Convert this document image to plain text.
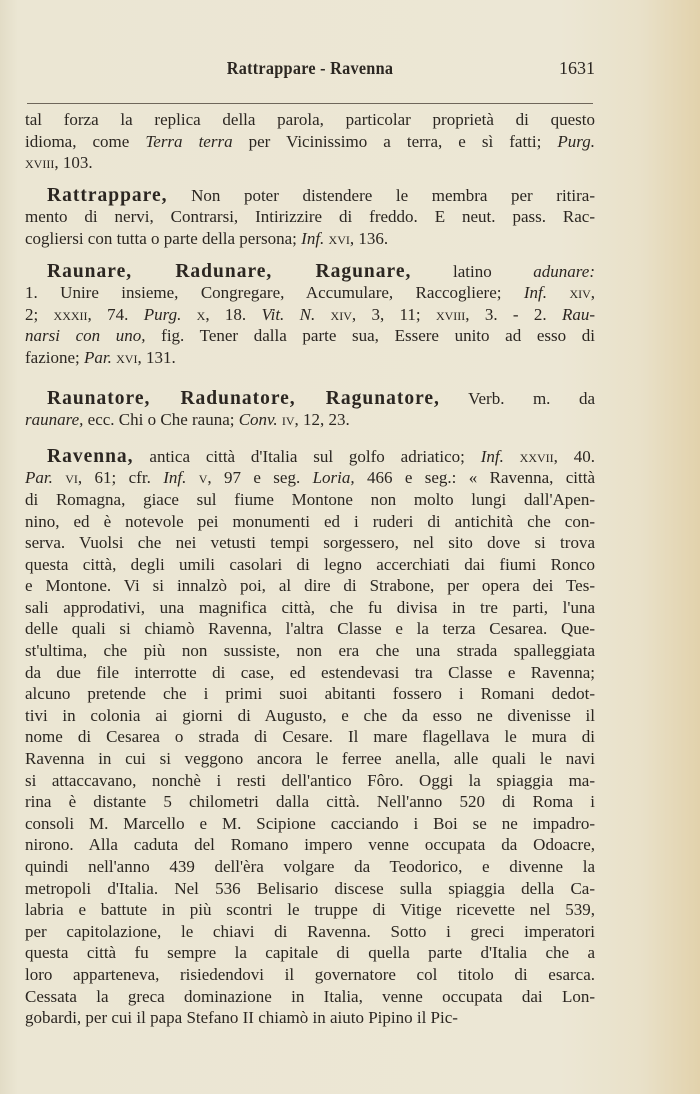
Rattrappare - Ravenna	1631
tal forza la replica della parola, particolar proprietà di questo
idioma, come Terra terra per Vicinissimo a terra, e sì fatti; Purg.
xviii, 103.
Rattrappare, Non poter distendere le membra per ritira-
mento di nervi, Contrarsi, Intirizzire di freddo. E neut. pass. Rac-
cogliersi con tutta o parte della persona; Inf. xvi, 136.
Raunare, Radunare, Ragunare, latino adunare:
1. Unire insieme, Congregare, Accumulare, Raccogliere; Inf. xiv,
2; xxxii, 74. Purg. x, 18. Vit. N. xiv, 3, 11; xviii, 3. - 2. Rau-
narsi con uno, fig. Tener dalla parte sua, Essere unito ad esso di
fazione; Par. xvi, 131.
Raunatore, Radunatore, Ragunatore, Verb. m. da
raunare, ecc. Chi o Che rauna; Conv. iv, 12, 23.
Ravenna, antica città d'Italia sul golfo adriatico; Inf. xxvii, 40.
Par. vi, 61; cfr. Inf. v, 97 e seg. Loria, 466 e seg.: « Ravenna, città
di Romagna, giace sul fiume Montone non molto lungi dall'Apen-
nino, ed è notevole pei monumenti ed i ruderi di antichità che con-
serva. Vuolsi che nei vetusti tempi sorgessero, nel sito dove si trova
questa città, degli umili casolari di legno accerchiati dai fiumi Ronco
e Montone. Vi si innalzò poi, al dire di Strabone, per opera dei Tes-
sali approdativi, una magnifica città, che fu divisa in tre parti, l'una
delle quali si chiamò Ravenna, l'altra Classe e la terza Cesarea. Que-
st'ultima, che più non sussiste, non era che una strada spalleggiata
da due file interrotte di case, ed estendevasi tra Classe e Ravenna;
alcuno pretende che i primi suoi abitanti fossero i Romani dedot-
tivi in colonia ai giorni di Augusto, e che da esso ne divenisse il
nome di Cesarea o strada di Cesare. Il mare flagellava le mura di
Ravenna in cui si veggono ancora le ferree anella, alle quali le navi
si attaccavano, nonchè i resti dell'antico Fôro. Oggi la spiaggia ma-
rina è distante 5 chilometri dalla città. Nell'anno 520 di Roma i
consoli M. Marcello e M. Scipione cacciando i Boi se ne impadro-
nirono. Alla caduta del Romano impero venne occupata da Odoacre,
quindi nell'anno 439 dell'èra volgare da Teodorico, e divenne la
metropoli d'Italia. Nel 536 Belisario discese sulla spiaggia della Ca-
labria e battute in più scontri le truppe di Vitige ricevette nel 539,
per capitolazione, le chiavi di Ravenna. Sotto i greci imperatori
questa città fu sempre la capitale di quella parte d'Italia che a
loro apparteneva, risiedendovi il governatore col titolo di esarca.
Cessata la greca dominazione in Italia, venne occupata dai Lon-
gobardi, per cui il papa Stefano II chiamò in aiuto Pipino il Pic-
